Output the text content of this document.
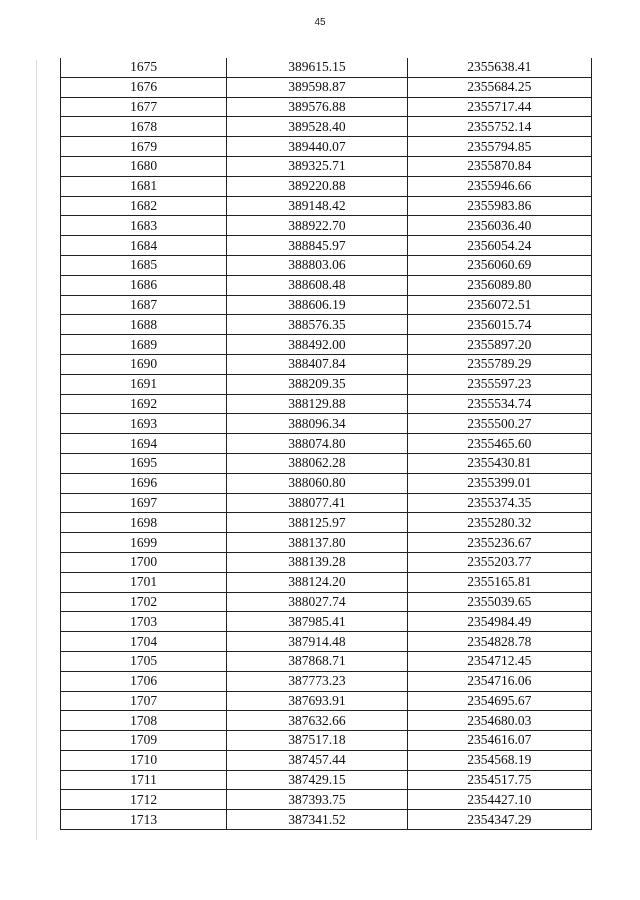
45
1675	389615.15	2355638.41
1676	389598.87	2355684.25
1677	389576.88	2355717.44
1678	389528.40	2355752.14
1679	389440.07	2355794.85
1680	389325.71	2355870.84
1681	389220.88	2355946.66
1682	389148.42	2355983.86
1683	388922.70	2356036.40
1684	388845.97	2356054.24
1685	388803.06	2356060.69
1686	388608.48	2356089.80
1687	388606.19	2356072.51
1688	388576.35	2356015.74
1689	388492.00	2355897.20
1690	388407.84	2355789.29
1691	388209.35	2355597.23
1692	388129.88	2355534.74
1693	388096.34	2355500.27
1694	388074.80	2355465.60
1695	388062.28	2355430.81
1696	388060.80	2355399.01
1697	388077.41	2355374.35
1698	388125.97	2355280.32
1699	388137.80	2355236.67
1700	388139.28	2355203.77
1701	388124.20	2355165.81
1702	388027.74	2355039.65
1703	387985.41	2354984.49
1704	387914.48	2354828.78
1705	387868.71	2354712.45
1706	387773.23	2354716.06
1707	387693.91	2354695.67
1708	387632.66	2354680.03
1709	387517.18	2354616.07
1710	387457.44	2354568.19
1711	387429.15	2354517.75
1712	387393.75	2354427.10
1713	387341.52	2354347.29
